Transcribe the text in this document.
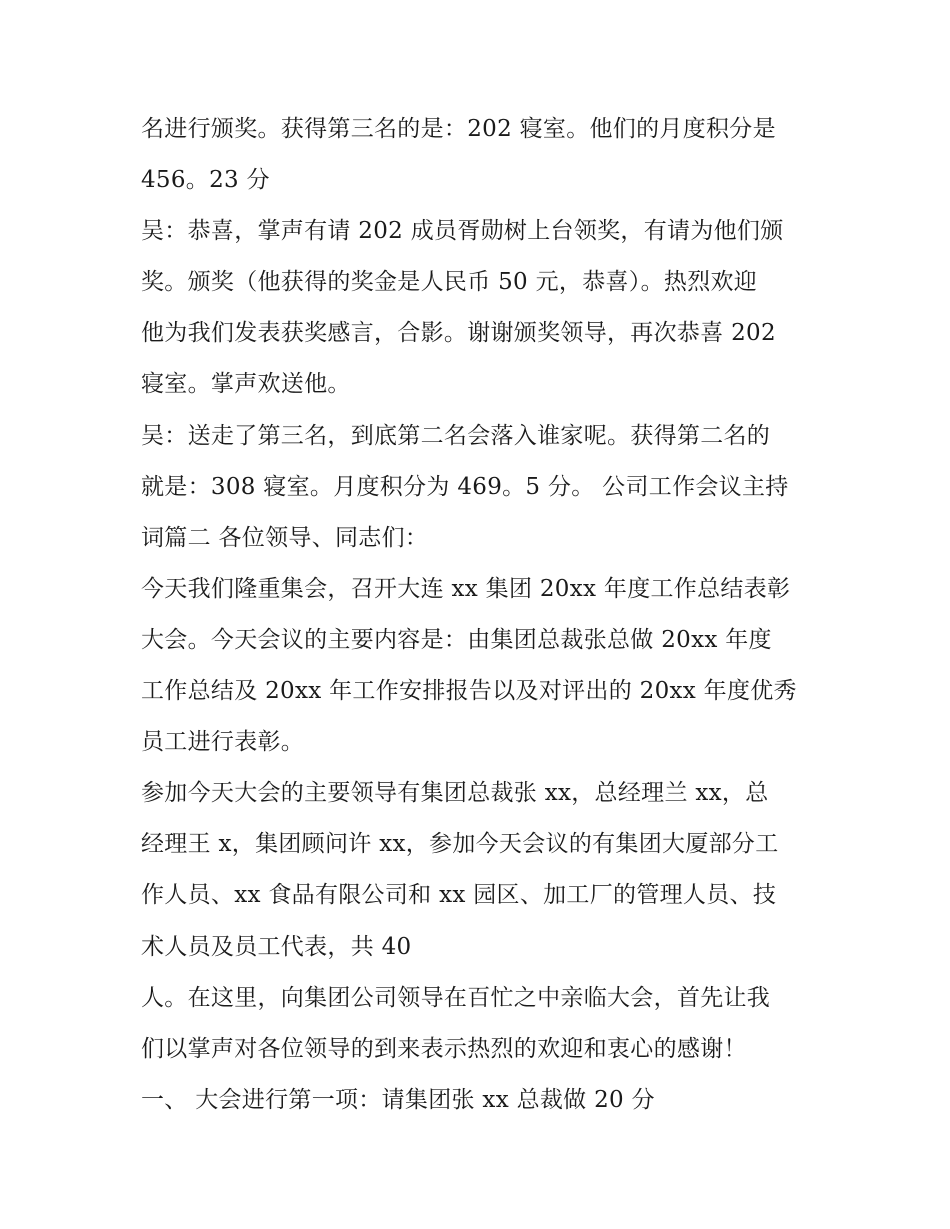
名进行颁奖。获得第三名的是：202 寝室。他们的月度积分是
456。23 分
吴：恭喜，掌声有请 202 成员胥勋树上台领奖，有请为他们颁
奖。颁奖（他获得的奖金是人民币 50 元，恭喜）。热烈欢迎
他为我们发表获奖感言，合影。谢谢颁奖领导，再次恭喜 202
寝室。掌声欢送他。
吴：送走了第三名，到底第二名会落入谁家呢。获得第二名的
就是：308 寝室。月度积分为 469。5 分。 公司工作会议主持
词篇二 各位领导、同志们：
今天我们隆重集会，召开大连 xx 集团 20xx 年度工作总结表彰
大会。今天会议的主要内容是：由集团总裁张总做 20xx 年度
工作总结及 20xx 年工作安排报告以及对评出的 20xx 年度优秀
员工进行表彰。
参加今天大会的主要领导有集团总裁张 xx，总经理兰 xx，总
经理王 x，集团顾问许 xx，参加今天会议的有集团大厦部分工
作人员、xx 食品有限公司和 xx 园区、加工厂的管理人员、技
术人员及员工代表，共 40
人。在这里，向集团公司领导在百忙之中亲临大会，首先让我
们以掌声对各位领导的到来表示热烈的欢迎和衷心的感谢！
一、 大会进行第一项：请集团张 xx 总裁做 20 分
